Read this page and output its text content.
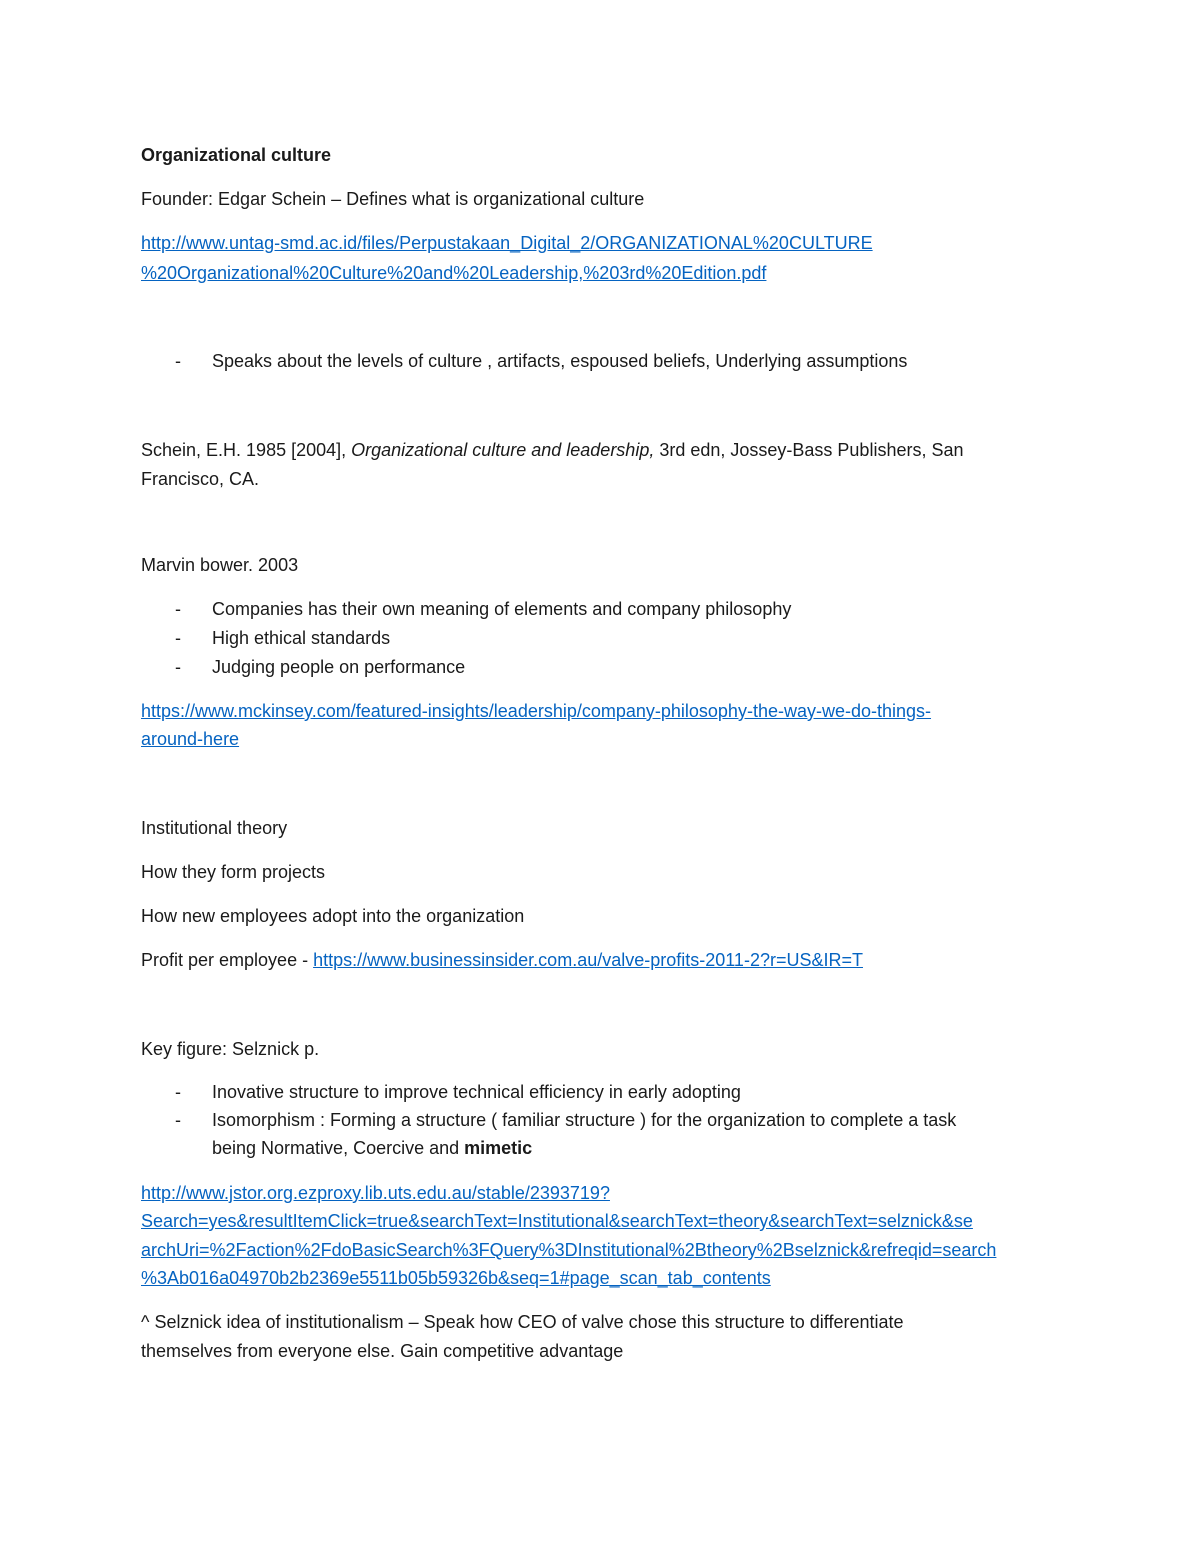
Organizational culture
Founder: Edgar Schein – Defines what is organizational culture
http://www.untag-smd.ac.id/files/Perpustakaan_Digital_2/ORGANIZATIONAL%20CULTURE
%20Organizational%20Culture%20and%20Leadership,%203rd%20Edition.pdf
- Speaks about the levels of culture , artifacts, espoused beliefs, Underlying assumptions
Schein, E.H. 1985 [2004], Organizational culture and leadership, 3rd edn, Jossey-Bass Publishers, San
Francisco, CA.
Marvin bower. 2003
- Companies has their own meaning of elements and company philosophy
- High ethical standards
- Judging people on performance
https://www.mckinsey.com/featured-insights/leadership/company-philosophy-the-way-we-do-things-
around-here
Institutional theory
How they form projects
How new employees adopt into the organization
Profit per employee - https://www.businessinsider.com.au/valve-profits-2011-2?r=US&IR=T
Key figure: Selznick p.
- Inovative structure to improve technical efficiency in early adopting
- Isomorphism : Forming a structure ( familiar structure ) for the organization to complete a task
being Normative, Coercive and mimetic
http://www.jstor.org.ezproxy.lib.uts.edu.au/stable/2393719?
Search=yes&resultItemClick=true&searchText=Institutional&searchText=theory&searchText=selznick&se
archUri=%2Faction%2FdoBasicSearch%3FQuery%3DInstitutional%2Btheory%2Bselznick&refreqid=search
%3Ab016a04970b2b2369e5511b05b59326b&seq=1#page_scan_tab_contents
^ Selznick idea of institutionalism – Speak how CEO of valve chose this structure to differentiate
themselves from everyone else. Gain competitive advantage
